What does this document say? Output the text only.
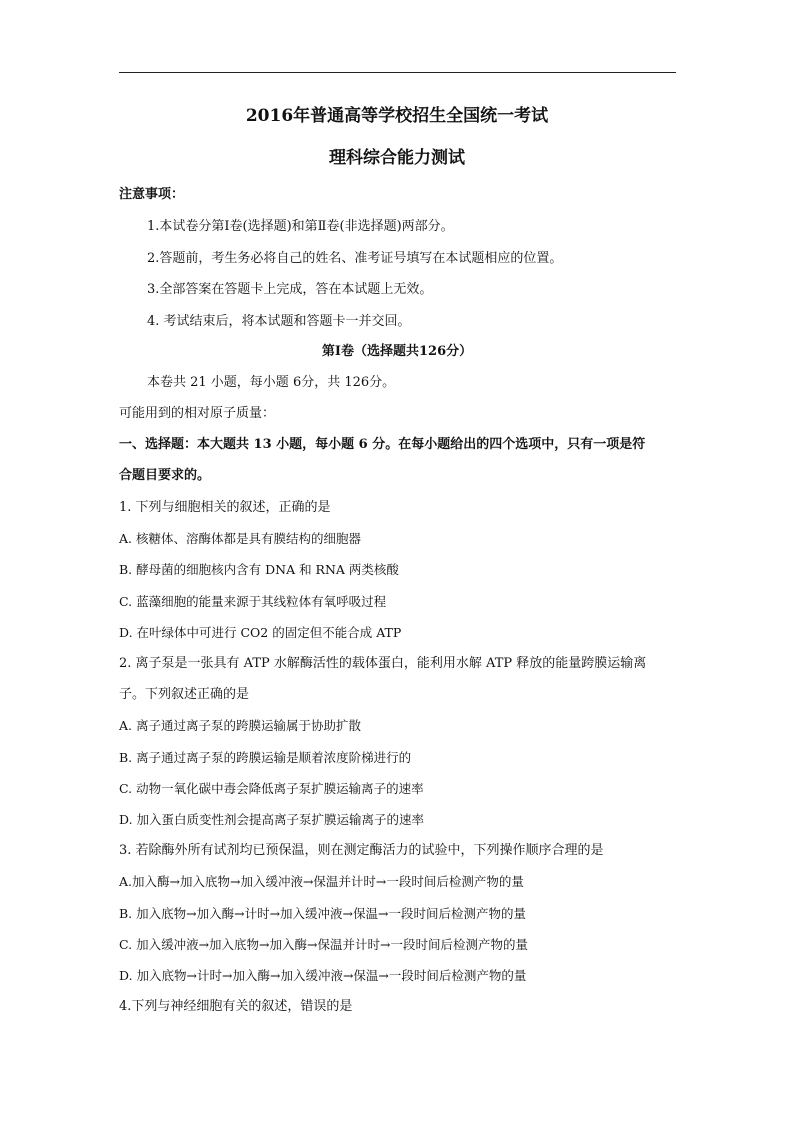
2016年普通高等学校招生全国统一考试
理科综合能力测试
注意事项：
1.本试卷分第Ⅰ卷(选择题)和第Ⅱ卷(非选择题)两部分。
2.答题前，考生务必将自己的姓名、准考证号填写在本试题相应的位置。
3.全部答案在答题卡上完成，答在本试题上无效。
4. 考试结束后，将本试题和答题卡一并交回。
第Ⅰ卷（选择题共126分）
本卷共 21 小题，每小题 6分，共 126分。
可能用到的相对原子质量：
一、选择题：本大题共 13 小题，每小题 6 分。在每小题给出的四个选项中，只有一项是符
合题目要求的。
1. 下列与细胞相关的叙述，正确的是
A. 核糖体、溶酶体都是具有膜结构的细胞器
B. 酵母菌的细胞核内含有 DNA 和 RNA 两类核酸
C. 蓝藻细胞的能量来源于其线粒体有氧呼吸过程
D. 在叶绿体中可进行 CO2 的固定但不能合成 ATP
2. 离子泵是一张具有 ATP 水解酶活性的载体蛋白，能利用水解 ATP 释放的能量跨膜运输离
子。下列叙述正确的是
A. 离子通过离子泵的跨膜运输属于协助扩散
B. 离子通过离子泵的跨膜运输是顺着浓度阶梯进行的
C. 动物一氧化碳中毒会降低离子泵扩膜运输离子的速率
D. 加入蛋白质变性剂会提高离子泵扩膜运输离子的速率
3. 若除酶外所有试剂均已预保温，则在测定酶活力的试验中，下列操作顺序合理的是
A.加入酶→加入底物→加入缓冲液→保温并计时→一段时间后检测产物的量
B. 加入底物→加入酶→计时→加入缓冲液→保温→一段时间后检测产物的量
C. 加入缓冲液→加入底物→加入酶→保温并计时→一段时间后检测产物的量
D. 加入底物→计时→加入酶→加入缓冲液→保温→一段时间后检测产物的量
4.下列与神经细胞有关的叙述，错误的是
